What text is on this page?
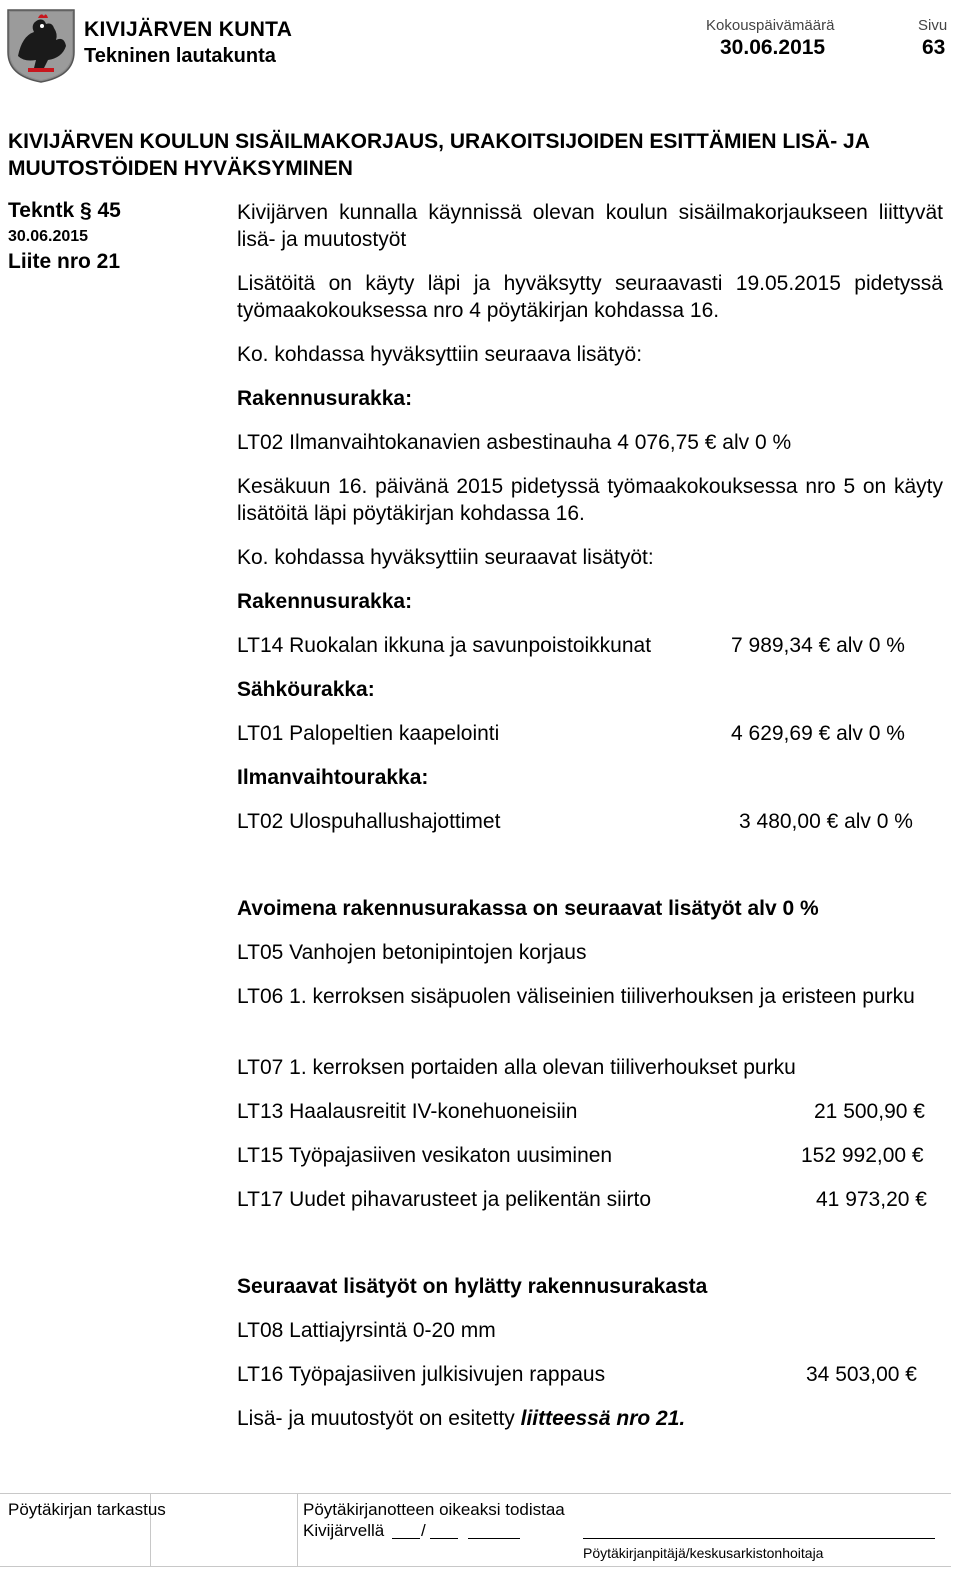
KIVIJÄRVEN KUNTA
Tekninen lautakunta
Kokouspäivämäärä
30.06.2015
Sivu
63
KIVIJÄRVEN KOULUN SISÄILMAKORJAUS, URAKOITSIJOIDEN ESITTÄMIEN LISÄ- JA MUUTOSTÖIDEN HYVÄKSYMINEN
Tekntk § 45
30.06.2015
Liite nro 21
Kivijärven kunnalla käynnissä olevan koulun sisäilmakorjaukseen liittyvät lisä- ja muutostyöt
Lisätöitä on käyty läpi ja hyväksytty seuraavasti 19.05.2015 pidetyssä työmaakokouksessa nro 4 pöytäkirjan kohdassa 16.
Ko. kohdassa hyväksyttiin seuraava lisätyö:
Rakennusurakka:
LT02 Ilmanvaihtokanavien asbestinauha 4 076,75 € alv 0 %
Kesäkuun 16. päivänä 2015 pidetyssä työmaakokouksessa nro 5 on käyty lisätöitä läpi pöytäkirjan kohdassa 16.
Ko. kohdassa hyväksyttiin seuraavat lisätyöt:
Rakennusurakka:
LT14 Ruokalan ikkuna ja savunpoistoikkunat	7 989,34 € alv 0 %
Sähköurakka:
LT01 Palopeltien kaapelointi	4 629,69 € alv 0 %
Ilmanvaihtourakka:
LT02 Ulospuhallushajottimet	3 480,00 € alv 0 %
Avoimena rakennusurakassa on seuraavat lisätyöt alv 0 %
LT05 Vanhojen betonipintojen korjaus
LT06 1. kerroksen sisäpuolen väliseinien tiiliverhouksen ja eristeen purku
LT07 1. kerroksen portaiden alla olevan tiiliverhoukset purku
LT13 Haalausreitit IV-konehuoneisiin	21 500,90 €
LT15 Työpajasiiven vesikaton uusiminen	152 992,00 €
LT17 Uudet pihavarusteet ja pelikentän siirto	41 973,20 €
Seuraavat lisätyöt on hylätty rakennusurakasta
LT08 Lattiajyrsintä 0-20 mm
LT16 Työpajasiiven julkisivujen rappaus	34 503,00 €
Lisä- ja muutostyöt on esitetty liitteessä nro 21.
Pöytäkirjan tarkastus	Pöytäkirjanotteen oikeaksi todistaa
Kivijärvellä /
Pöytäkirjanpitäjä/keskusarkistonhoitaja
